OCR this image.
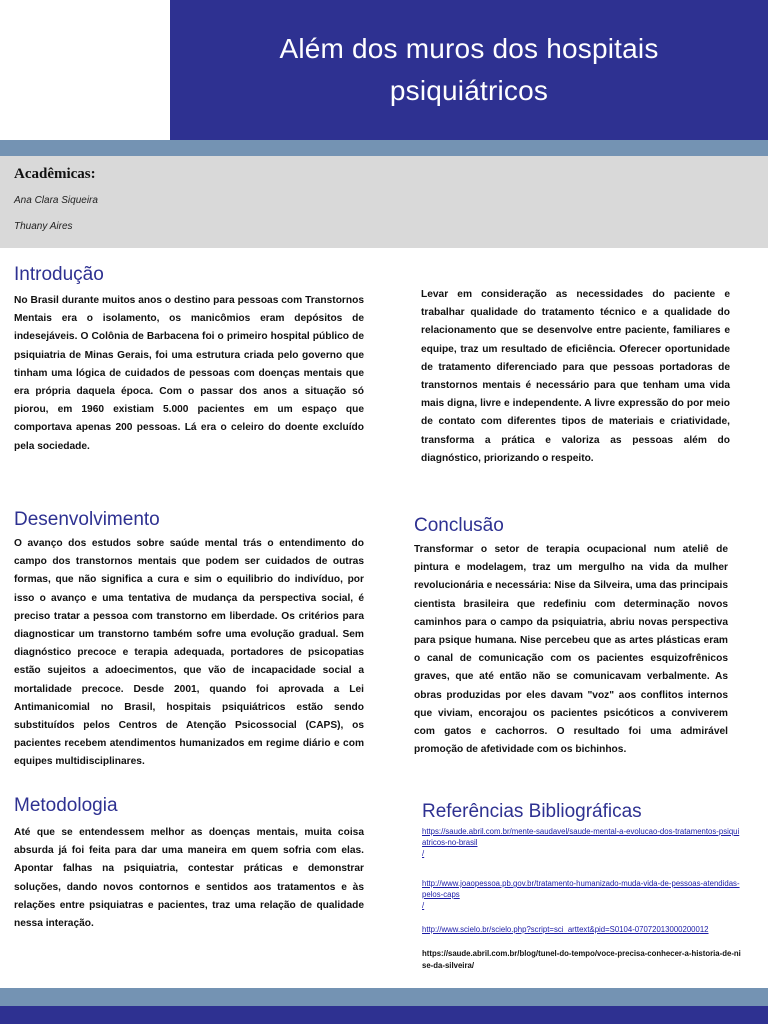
Além dos muros dos hospitais
psiquiátricos
Acadêmicas:
Ana Clara Siqueira
Thuany Aires
Introdução
No Brasil durante muitos anos o destino para pessoas com Transtornos Mentais era o isolamento, os manicômios eram depósitos de indesejáveis. O Colônia de Barbacena foi o primeiro hospital público de psiquiatria de Minas Gerais, foi uma estrutura criada pelo governo que tinham uma lógica de cuidados de pessoas com doenças mentais que era própria daquela época. Com o passar dos anos a situação só piorou, em 1960 existiam 5.000 pacientes em um espaço que comportava apenas 200 pessoas. Lá era o celeiro do doente excluído pela sociedade.
Desenvolvimento
O avanço dos estudos sobre saúde mental trás o entendimento do campo dos transtornos mentais que podem ser cuidados de outras formas, que não significa a cura e sim o equilibrio do indivíduo, por isso o avanço e uma tentativa de mudança da perspectiva social, é preciso tratar a pessoa com transtorno em liberdade. Os critérios para diagnosticar um transtorno também sofre uma evolução gradual. Sem diagnóstico precoce e terapia adequada, portadores de psicopatias estão sujeitos a adoecimentos, que vão de incapacidade social a mortalidade precoce. Desde 2001, quando foi aprovada a Lei Antimanicomial no Brasil, hospitais psiquiátricos estão sendo substituídos pelos Centros de Atenção Psicossocial (CAPS), os pacientes recebem atendimentos humanizados em regime diário e com equipes multidisciplinares.
Metodologia
Até que se entendessem melhor as doenças mentais, muita coisa absurda já foi feita para dar uma maneira em quem sofria com elas. Apontar falhas na psiquiatria, contestar práticas e demonstrar soluções, dando novos contornos e sentidos aos tratamentos e às relações entre psiquiatras e pacientes, traz uma relação de qualidade nessa interação.
Levar em consideração as necessidades do paciente e trabalhar qualidade do tratamento técnico e a qualidade do relacionamento que se desenvolve entre paciente, familiares e equipe, traz um resultado de eficiência. Oferecer oportunidade de tratamento diferenciado para que pessoas portadoras de transtornos mentais é necessário para que tenham uma vida mais digna, livre e independente. A livre expressão do por meio de contato com diferentes tipos de materiais e criatividade, transforma a prática e valoriza as pessoas além do diagnóstico, priorizando o respeito.
Conclusão
Transformar o setor de terapia ocupacional num ateliê de pintura e modelagem, traz um mergulho na vida da mulher revolucionária e necessária: Nise da Silveira, uma das principais cientista brasileira que redefiniu com determinação novos caminhos para o campo da psiquiatria, abriu novas perspectiva para psique humana. Nise percebeu que as artes plásticas eram o canal de comunicação com os pacientes esquizofrênicos graves, que até então não se comunicavam verbalmente. As obras produzidas por eles davam "voz" aos conflitos internos que viviam, encorajou os pacientes psicóticos a conviverem com gatos e cachorros. O resultado foi uma admirável promoção de afetividade com os bichinhos.
Referências Bibliográficas
https://saude.abril.com.br/mente-saudavel/saude-mental-a-evolucao-dos-tratamentos-psiquiatricos-no-brasil
/
http://www.joaopessoa.pb.gov.br/tratamento-humanizado-muda-vida-de-pessoas-atendidas-pelos-caps
/
http://www.scielo.br/scielo.php?script=sci_arttext&pid=S0104-07072013000200012
https://saude.abril.com.br/blog/tunel-do-tempo/voce-precisa-conhecer-a-historia-de-nise-da-silveira/
